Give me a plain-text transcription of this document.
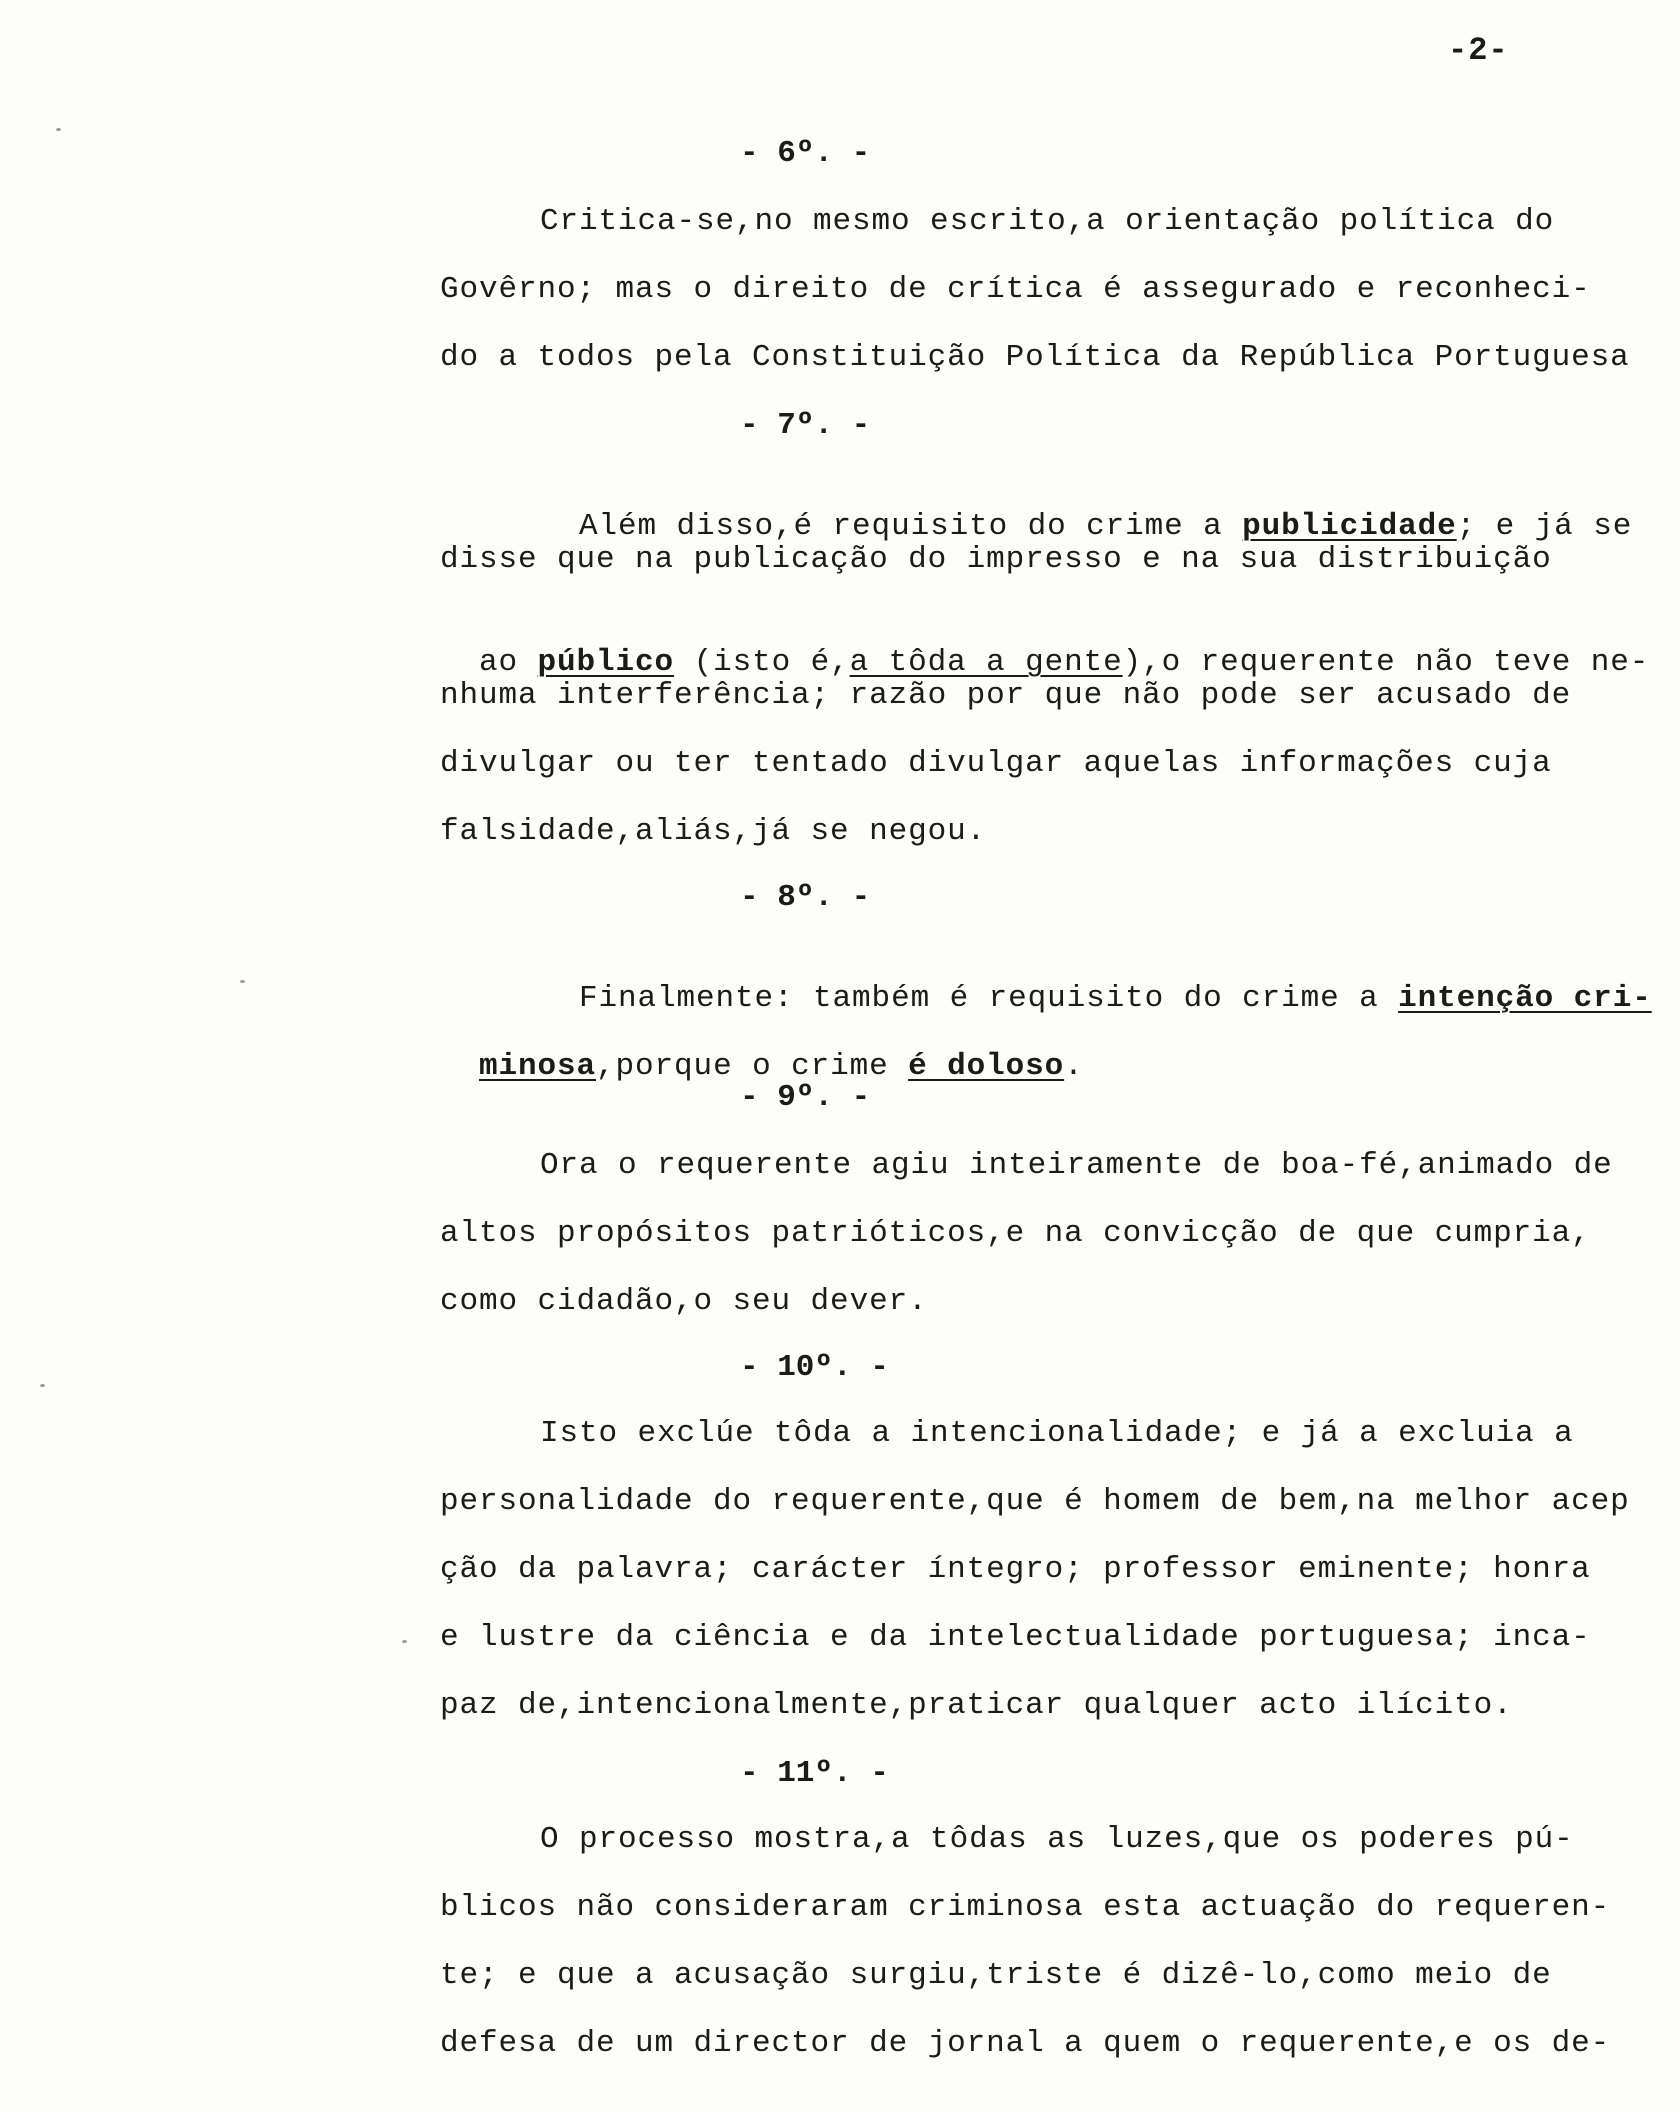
-2-
- 6º. -
Critica-se,no mesmo escrito,a orientação política do
Govêrno; mas o direito de crítica é assegurado e reconheci-
do a todos pela Constituição Política da República Portuguesa
- 7º. -

Além disso,é requisito do crime a publicidade; e já se

disse que na publicação do impresso e na sua distribuição

ao público (isto é,a tôda a gente),o requerente não teve ne-

nhuma interferência; razão por que não pode ser acusado de
divulgar ou ter tentado divulgar aquelas informações cuja
falsidade,aliás,já se negou.
- 8º. -

Finalmente: também é requisito do crime a intenção cri-

minosa,porque o crime é doloso.

- 9º. -
Ora o requerente agiu inteiramente de boa-fé,animado de
altos propósitos patrióticos,e na convicção de que cumpria,
como cidadão,o seu dever.
- 10º. -
Isto exclúe tôda a intencionalidade; e já a excluia a
personalidade do requerente,que é homem de bem,na melhor acep
ção da palavra; carácter íntegro; professor eminente; honra
e lustre da ciência e da intelectualidade portuguesa; inca-
paz de,intencionalmente,praticar qualquer acto ilícito.
- 11º. -
O processo mostra,a tôdas as luzes,que os poderes pú-
blicos não consideraram criminosa esta actuação do requeren-
te; e que a acusação surgiu,triste é dizê-lo,como meio de
defesa de um director de jornal a quem o requerente,e os de-
